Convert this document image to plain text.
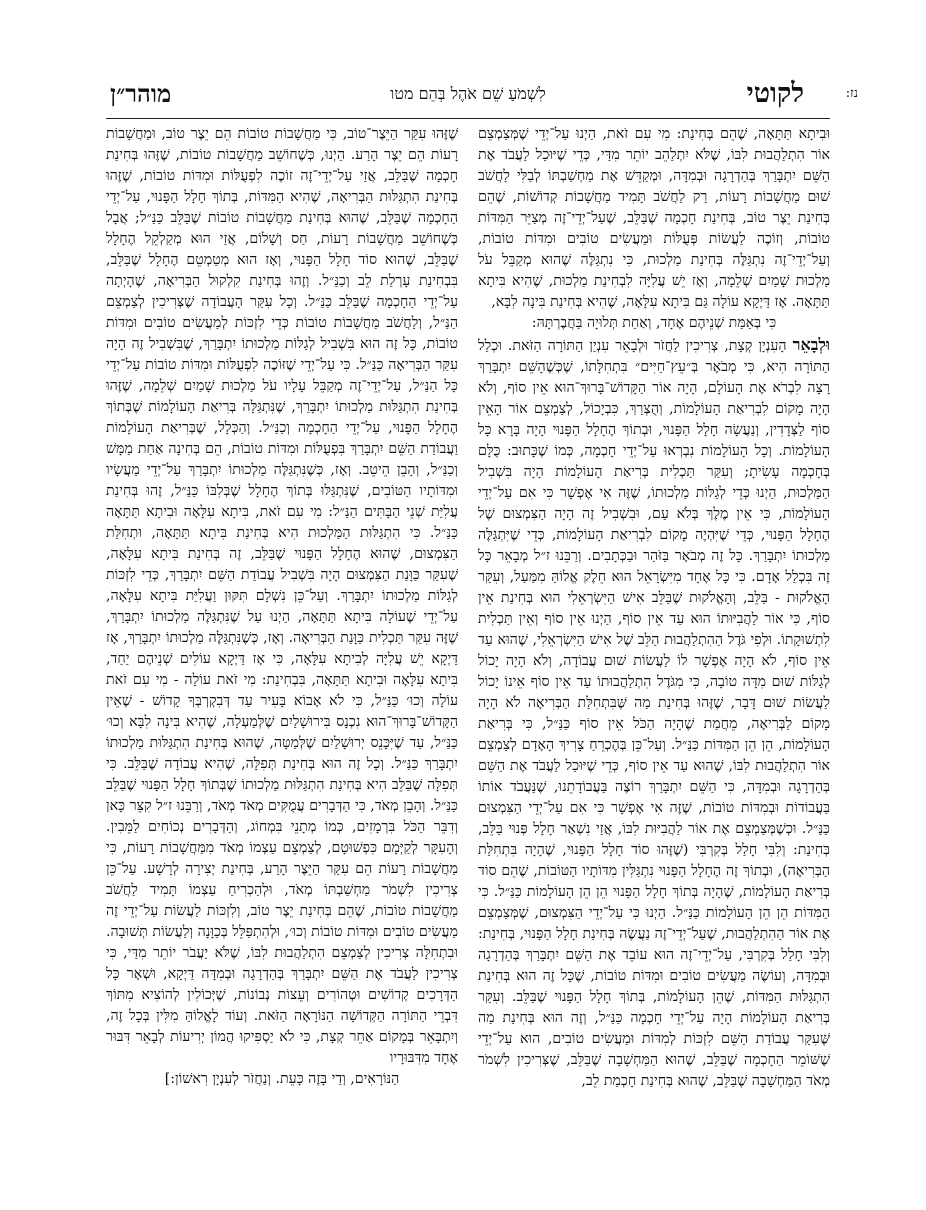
נז:
לקוטי
לִשְׁמֹעַ שֵׁם אֹהֶל בְּהֵם מטו
מוהר״ן

וּבִיתָא תַּתָּאָה, שֶׁהֵם בְּחִינַת: מִי עִם זֹאת, הַיְנוּ עַל־יְדֵי שֶׁמְּצַמְצֵם אוֹר הִתְלַהֲבוּת לִבּוֹ, שֶׁלֹּא יִתְלַהֵב יוֹתֵר מִדַּי, כְּדֵי שֶׁיּוּכַל לַעֲבֹד אֶת הַשֵּׁם יִתְבָּרַךְ בְּהַדְרָגָה וּבְמִדָּה, וּמְקַדֵּשׁ אֶת מַחְשַׁבְתּוֹ לְבַלִּי לַחֲשֹׁב שׁוּם מַחֲשָׁבוֹת רָעוֹת, רַק לַחֲשֹׁב תָּמִיד מַחֲשָׁבוֹת קְדוֹשׁוֹת, שֶׁהֵם בְּחִינַת יֵצֶר טוֹב, בְּחִינַת חָכְמָה שֶׁבַּלֵּב, שֶׁעַל־יְדֵי־זֶה מְצַיֵּר הַמִּדּוֹת טוֹבוֹת, וְזוֹכֶה לַעֲשׂוֹת פְּעֻלּוֹת וּמַעֲשִׂים טוֹבִים וּמִדּוֹת טוֹבוֹת, וְעַל־יְדֵי־זֶה נִתְגַּלֶּה בְּחִינַת מַלְכוּת, כִּי נִתְגַּלֶּה שֶׁהוּא מְקַבֵּל עֹל מַלְכוּת שָׁמַיִם שְׁלֵמָה, וְאָז יֵשׁ עֲלִיָּה לִבְחִינַת מַלְכוּת, שֶׁהִיא בִּיתָא תַּתָּאָה. אָז דַּיְקָא עוֹלָה גַּם בִּיתָא עִלָּאָה, שֶׁהִיא בְּחִינַת בִּינָה לִבָּא,

כִּי בְּאַמַּת שְׁנֵיהֶם אֶחָד, וְאַחַת תְּלוּיָה בַּחֲבֶרְתָּהּ:

וּלְבָאֵר הָעִנְיָן קְצָת, צְרִיכִין לַחֲזֹר וּלְבָאֵר עִנְיַן הַתּוֹרָה הַזֹּאת. וּכְלַל הַתּוֹרָה הִיא, כִּי מְבֹאָר בְּ״עֵץ־חַיִּים״ בִּתְחִלָּתוֹ, שֶׁכְּשֶׁהָשֵּׁם יִתְבָּרַךְ רָצָה לִבְרֹא אֶת הָעוֹלָם, הָיָה אוֹר הַקָּדוֹשׁ־בָּרוּךְ־הוּא אֵין סוֹף, וְלֹא הָיָה מָקוֹם לִבְרִיאַת הָעוֹלָמוֹת, וְהֻצְרַךְ, כִּבְיָכוֹל, לְצַמְצֵם אוֹר הָאֵין סוֹף לַצְּדָדִין, וְנַעֲשָׂה חָלָל הַפָּנוּי, וּבְתוֹךְ הֶחָלָל הַפָּנוּי הָיָה בָּרָא כָּל הָעוֹלָמוֹת. וְכָל הָעוֹלָמוֹת נִבְרְאוּ עַל־יְדֵי חָכְמָה, כְּמוֹ שֶׁכָּתוּב: כֻּלָּם בְּחָכְמָה עָשִׂיתָ; וְעִקַּר תַּכְלִית בְּרִיאַת הָעוֹלָמוֹת הָיָה בִּשְׁבִיל הַמַּלְכוּת, הַיְנוּ כְּדֵי לְגַלּוֹת מַלְכוּתוֹ, שֶׁזֶּה אִי אֶפְשָׁר כִּי אִם עַל־יְדֵי הָעוֹלָמוֹת, כִּי אֵין מֶלֶךְ בְּלֹא עַם, וּבִשְׁבִיל זֶה הָיָה הַצִּמְצוּם שֶׁל הֶחָלָל הַפָּנוּי, כְּדֵי שֶׁיִּהְיֶה מָקוֹם לִבְרִיאַת הָעוֹלָמוֹת, כְּדֵי שֶׁיִּתְגַּלֶּה מַלְכוּתוֹ יִתְבָּרַךְ. כָּל זֶה מְבֹאָר בַּזֹּהַר וּבַכְּתָבִים. וְרַבֵּנוּ ז״ל מְבָאֵר כָּל זֶה בִּכְלַל אָדָם. כִּי כָּל אֶחָד מִיִּשְׂרָאֵל הוּא חֵלֶק אֱלוֹהַּ מִמַּעַל, וְעִקַּר הָאֱלֹקוּת - בַּלֵּב, וְהָאֱלֹקוּת שֶׁבַּלֵּב אִישׁ הַיִּשְׂרְאֵלִי הוּא בְּחִינַת אֵין סוֹף, כִּי אוֹר לַהֲבִיּוּתוֹ הוּא עַד אֵין סוֹף, הַיְנוּ אֵין סוֹף וְאֵין תַּכְלִית לִתְשׁוּקָתוֹ. וּלְפִי גֹּדֶל הַהִתְלַהֲבוּת הַלֵּב שֶׁל אִישׁ הַיִּשְׂרְאֵלִי, שֶׁהוּא עַד אֵין סוֹף, לֹא הָיָה אֶפְשָׁר לוֹ לַעֲשׂוֹת שׁוּם עֲבוֹדָה, וְלֹא הָיָה יָכוֹל לְגַלּוֹת שׁוּם מִדָּה טוֹבָה, כִּי מִגֹּדֶל הִתְלַהֲבוּתוֹ עַד אֵין סוֹף אֵינוֹ יָכוֹל לַעֲשׂוֹת שׁוּם דָּבָר, שֶׁזֶּהוּ בְּחִינַת מַה שֶּׁבִּתְחִלַּת הַבְּרִיאָה לֹא הָיָה מָקוֹם לַבְּרִיאָה, מֵחֲמַת שֶׁהָיָה הַכֹּל אֵין סוֹף כַּנַּ״ל, כִּי בְּרִיאַת הָעוֹלָמוֹת, הֵן הֵן הַמִּדּוֹת כַּנַּ״ל. וְעַל־כֵּן בְּהֶכְרֵחַ צָרִיךְ הָאָדָם לְצַמְצֵם אוֹר הִתְלַהֲבוּת לִבּוֹ, שֶׁהוּא עַד אֵין סוֹף, כְּדֵי שֶׁיּוּכַל לַעֲבֹד אֶת הַשֵּׁם בְּהַדְרָגָה וּבְמִדָּה, כִּי הַשֵּׁם יִתְבָּרַךְ רוֹצֶה בַּעֲבוֹדָתֵנוּ, שֶׁנַּעֲבֹד אוֹתוֹ בַּעֲבוֹדוֹת וּבְמִדּוֹת טוֹבוֹת, שֶׁזֶּה אִי אֶפְשָׁר כִּי אִם עַל־יְדֵי הַצִּמְצוּם כַּנַּ״ל. וּכְשֶׁמְּצַמְצֵם אֶת אוֹר לַהֲבִיּוּת לִבּוֹ, אֲזַי נִשְׁאַר חָלָל פְּנוּי בַּלֵּב, בְּחִינַת: וְלִבִּי חָלַל בְּקִרְבִּי (שֶׁזֶּהוּ סוֹד חָלָל הַפָּנוּי, שֶׁהָיָה בִּתְחִלַּת הַבְּרִיאָה), וּבְתוֹךְ זֶה הֶחָלָל הַפָּנוּי נִתְגַּלִּין מִדּוֹתָיו הַטּוֹבוֹת, שֶׁהֵם סוֹד בְּרִיאַת הָעוֹלָמוֹת, שֶׁהָיָה בְּתוֹךְ חָלָל הַפָּנוּי הֵן הֵן הָעוֹלָמוֹת כַּנַּ״ל. כִּי הַמִּדּוֹת הֵן הֵן הָעוֹלָמוֹת כַּנַּ״ל. הַיְנוּ כִּי עַל־יְדֵי הַצִּמְצוּם, שֶׁמְּצַמְצֵם אֶת אוֹר הַהִתְלַהֲבוּת, שֶׁעַל־יְדֵי־זֶה נַעֲשֶׂה בְּחִינַת חָלָל הַפָּנוּי, בְּחִינַת: וְלִבִּי חָלַל בְּקִרְבִּי, עַל־יְדֵי־זֶה הוּא עוֹבֵד אֶת הַשֵּׁם יִתְבָּרַךְ בְּהַדְרָגָה וּבְמִדָּה, וְעוֹשֶׂה מַעֲשִׂים טוֹבִים וּמִדּוֹת טוֹבוֹת, שֶׁכָּל זֶה הוּא בְּחִינַת הִתְגַּלּוּת הַמִּדּוֹת, שֶׁהֵן הָעוֹלָמוֹת, בְּתוֹךְ חָלָל הַפָּנוּי שֶׁבַּלֵּב. וְעִקַּר בְּרִיאַת הָעוֹלָמוֹת הָיָה עַל־יְדֵי חָכְמָה כַּנַּ״ל, וְזֶה הוּא בְּחִינַת מַה שֶּׁעִקַּר עֲבוֹדַת הַשֵּׁם לִזְכּוֹת לְמִדּוֹת וּמַעֲשִׂים טוֹבִים, הוּא עַל־יְדֵי שֶׁשּׁוֹמֵר הַחָכְמָה שֶׁבַּלֵּב, שֶׁהוּא הַמַּחְשָׁבָה שֶׁבַּלֵּב, שֶׁצְּרִיכִין לִשְׁמֹר מְאֹד הַמַּחְשָׁבָה שֶׁבַּלֵּב, שֶׁהוּא בְּחִינַת חָכְמַת לֵב,

שֶׁזֶּהוּ עִקַּר הַיֵּצֶר־טוֹב, כִּי מַחֲשָׁבוֹת טוֹבוֹת הֵם יֵצֶר טוֹב, וּמַחֲשָׁבוֹת רָעוֹת הֵם יֵצֶר הָרַע. הַיְנוּ, כְּשֶׁחוֹשֵׁב מַחֲשָׁבוֹת טוֹבוֹת, שֶׁזֶּהוּ בְּחִינַת חָכְמָה שֶׁבַּלֵּב, אֲזַי עַל־יְדֵי־זֶה זוֹכֶה לִפְעֻלּוֹת וּמִדּוֹת טוֹבוֹת, שֶׁזֶּהוּ בְּחִינַת הִתְגַּלּוּת הַבְּרִיאָה, שֶׁהִיא הַמִּדּוֹת, בְּתוֹךְ חָלָל הַפָּנוּי, עַל־יְדֵי הַחָכְמָה שֶׁבַּלֵּב, שֶׁהוּא בְּחִינַת מַחֲשָׁבוֹת טוֹבוֹת שֶׁבַּלֵּב כַּנַּ״ל; אֲבָל כְּשֶׁחוֹשֵׁב מַחֲשָׁבוֹת רָעוֹת, חַס וְשָׁלוֹם, אֲזַי הוּא מְקַלְקֵל הֶחָלָל שֶׁבַּלֵּב, שֶׁהוּא סוֹד חָלָל הַפָּנוּי, וְאָז הוּא מְטַמְטֵם הֶחָלָל שֶׁבַּלֵּב, בִּבְחִינַת עָרְלַת לֵב וְכַנַּ״ל. וְזֶהוּ בְּחִינַת קִלְקוּל הַבְּרִיאָה, שֶׁהָיְתָה עַל־יְדֵי הַחָכְמָה שֶׁבַּלֵּב כַּנַּ״ל. וְכָל עִקַּר הָעֲבוֹדָה שֶׁצְּרִיכִין לְצַמְצֵם הַנַּ״ל, וְלַחֲשֹׁב מַחֲשָׁבוֹת טוֹבוֹת כְּדֵי לִזְכּוֹת לְמַעֲשִׂים טוֹבִים וּמִדּוֹת טוֹבוֹת, כָּל זֶה הוּא בִּשְׁבִיל לְגַלּוֹת מַלְכוּתוֹ יִתְבָּרַךְ, שֶׁבִּשְׁבִיל זֶה הָיָה עִקַּר הַבְּרִיאָה כַּנַּ״ל. כִּי עַל־יְדֵי שֶׁזּוֹכֶה לִפְעֻלּוֹת וּמִדּוֹת טוֹבוֹת עַל־יְדֵי כָּל הַנַּ״ל, עַל־יְדֵי־זֶה מְקַבֵּל עָלָיו עֹל מַלְכוּת שָׁמַיִם שְׁלֵמָה, שֶׁזֶּהוּ בְּחִינַת הִתְגַּלּוּת מַלְכוּתוֹ יִתְבָּרַךְ, שֶׁנִּתְגַּלָּה בְּרִיאַת הָעוֹלָמוֹת שֶׁבְּתוֹךְ הֶחָלָל הַפָּנוּי, עַל־יְדֵי הַחָכְמָה וְכַנַּ״ל. וְהַכְּלָל, שֶׁבְּרִיאַת הָעוֹלָמוֹת וַעֲבוֹדַת הַשֵּׁם יִתְבָּרַךְ בִּפְעֻלּוֹת וּמִדּוֹת טוֹבוֹת, הֵם בְּחִינָה אַחַת מַמָּשׁ וְכַנַּ״ל, וְהָבֵן הֵיטֵב. וְאָז, כְּשֶׁנִּתְגַּלֶּה מַלְכוּתוֹ יִתְבָּרַךְ עַל־יְדֵי מַעֲשָׂיו וּמִדּוֹתָיו הַטּוֹבִים, שֶׁנִּתְגַּלּוּ בְּתוֹךְ הֶחָלָל שֶׁבְּלִבּוֹ כַּנַּ״ל, זֶהוּ בְּחִינַת עֲלִיַּת שְׁנֵי הַבָּתִּים הַנַּ״ל: מִי עִם זֹאת, בִּיתָא עִלָּאָה וּבִיתָא תַּתָּאָה כַּנַּ״ל. כִּי הִתְגַּלּוּת הַמַּלְכוּת הִיא בְּחִינַת בִּיתָא תַּתָּאָה, וּתְחִלַּת הַצִּמְצוּם, שֶׁהוּא הֶחָלָל הַפָּנוּי שֶׁבַּלֵּב, זֶה בְּחִינַת בִּיתָא עִלָּאָה, שֶׁעִקַּר כַּוָּנַת הַצִּמְצוּם הָיָה בִּשְׁבִיל עֲבוֹדַת הַשֵּׁם יִתְבָּרַךְ, כְּדֵי לִזְכּוֹת לְגַלּוֹת מַלְכוּתוֹ יִתְבָּרַךְ. וְעַל־כֵּן נִשְׁלָם תִּקּוּן וַעֲלִיַּת בִּיתָא עִלָּאָה, עַל־יְדֵי שֶׁעוֹלָה בִּיתָא תַּתָּאָה, הַיְנוּ עַל שֶׁנִּתְגַּלֶּה מַלְכוּתוֹ יִתְבָּרַךְ, שֶׁזֶּה עִקַּר תַּכְלִית כַּוָּנַת הַבְּרִיאָה. וְאָז, כְּשֶׁנִּתְגַּלֶּה מַלְכוּתוֹ יִתְבָּרַךְ, אָז דַּיְקָא יֵשׁ עֲלִיָּה לְבִיתָא עִלָּאָה, כִּי אָז דַּיְקָא עוֹלִים שְׁנֵיהֶם יַחַד, בִּיתָא עִלָּאָה וּבִיתָא תַּתָּאָה, בִּבְחִינַת: מִי זֹאת עוֹלָה - מִי עִם זֹאת עוֹלָה וְכוּ׳ כַּנַּ״ל, כִּי לֹא אָבוֹא בָּעִיר עַד דְּבִקְרְבְּךָ קָדוֹשׁ - שֶׁאֵין הַקָּדוֹשׁ־בָּרוּךְ־הוּא נִכְנָס בִּירוּשָׁלַיִם שֶׁלְּמַעְלָה, שֶׁהִיא בִּינָה לִבָּא וְכוּ׳ כַּנַּ״ל, עַד שֶׁיִּכָּנֵס יְרוּשָׁלַיִם שֶׁלְּמַטָּה, שֶׁהוּא בְּחִינַת הִתְגַּלּוּת מַלְכוּתוֹ יִתְבָּרַךְ כַּנַּ״ל. וְכָל זֶה הוּא בְּחִינַת תְּפִלָּה, שֶׁהִיא עֲבוֹדָה שֶׁבַּלֵּב. כִּי תְּפִלָּה שֶׁבַּלֵּב הִיא בְּחִינַת הִתְגַּלּוּת מַלְכוּתוֹ שֶׁבְּתוֹךְ חָלָל הַפָּנוּי שֶׁבַּלֵּב כַּנַּ״ל. וְהָבֵן מְאֹד, כִּי הַדְּבָרִים עֲמֻקִּים מְאֹד מְאֹד, וְרַבֵּנוּ ז״ל קִצֵּר כָּאן וְדִבֵּר הַכֹּל בִּרְמָזִים, כְּמוֹ מְתָנֵי בִּמְחוֹג, וְהַדְּבָרִים נְכוֹחִים לַמֵּבִין. וְהָעִקָּר לְקַיְּמָם כִּפְשׁוּטָם, לְצַמְצֵם עַצְמוֹ מְאֹד מִמַּחֲשָׁבוֹת רָעוֹת, כִּי מַחֲשָׁבוֹת רָעוֹת הֵם עִקַּר הַיֵּצֶר הָרַע, בְּחִינַת יְצִירָה לְרָשָׁע. עַל־כֵּן צְרִיכִין לִשְׁמֹר מַחְשַׁבְתּוֹ מְאֹד, וּלְהַכְרִיחַ עַצְמוֹ תָּמִיד לַחֲשֹׁב מַחֲשָׁבוֹת טוֹבוֹת, שֶׁהֵם בְּחִינַת יֵצֶר טוֹב, וְלִזְכּוֹת לַעֲשׂוֹת עַל־יְדֵי זֶה מַעֲשִׂים טוֹבִים וּמִדּוֹת טוֹבוֹת וְכוּ׳, וּלְהִתְפַּלֵּל בְּכַוָּנָה וְלַעֲשׂוֹת תְּשׁוּבָה. וּבִתְחִלָּה צְרִיכִין לְצַמְצֵם הִתְלַהֲבוּת לִבּוֹ, שֶׁלֹּא יַעֲבֹר יוֹתֵר מִדַּי, כִּי צְרִיכִין לַעֲבֹד אֶת הַשֵּׁם יִתְבָּרַךְ בְּהַדְרָגָה וּבְמִדָּה דַּיְקָא, וּשְׁאָר כָּל הַדְּרָכִים קְדוֹשִׁים וּטְהוֹרִים וְעֵצוֹת נְבוֹנוֹת, שֶׁיְּכוֹלִין לְהוֹצִיא מִתּוֹךְ דִּבְרֵי הַתּוֹרָה הַקְּדוֹשָׁה הַנּוֹרָאָה הַזֹּאת. וְעוֹד לָאֱלוֹהַּ מִלִּין בְּכָל זֶה, וְיִתְבָּאֵר בְּמָקוֹם אַחֵר קְצָת, כִּי לֹא יַסְפִּיקוּ הֲמוֹן יְרִיעוֹת לְבָאֵר דִּבּוּר אֶחָד מִדִּבּוּרָיו

הַנּוֹרָאִים, וְדַי בָּזֶה כָּעֵת. וְנַחֲזֹר לְעִנְיָן רִאשׁוֹן:]
